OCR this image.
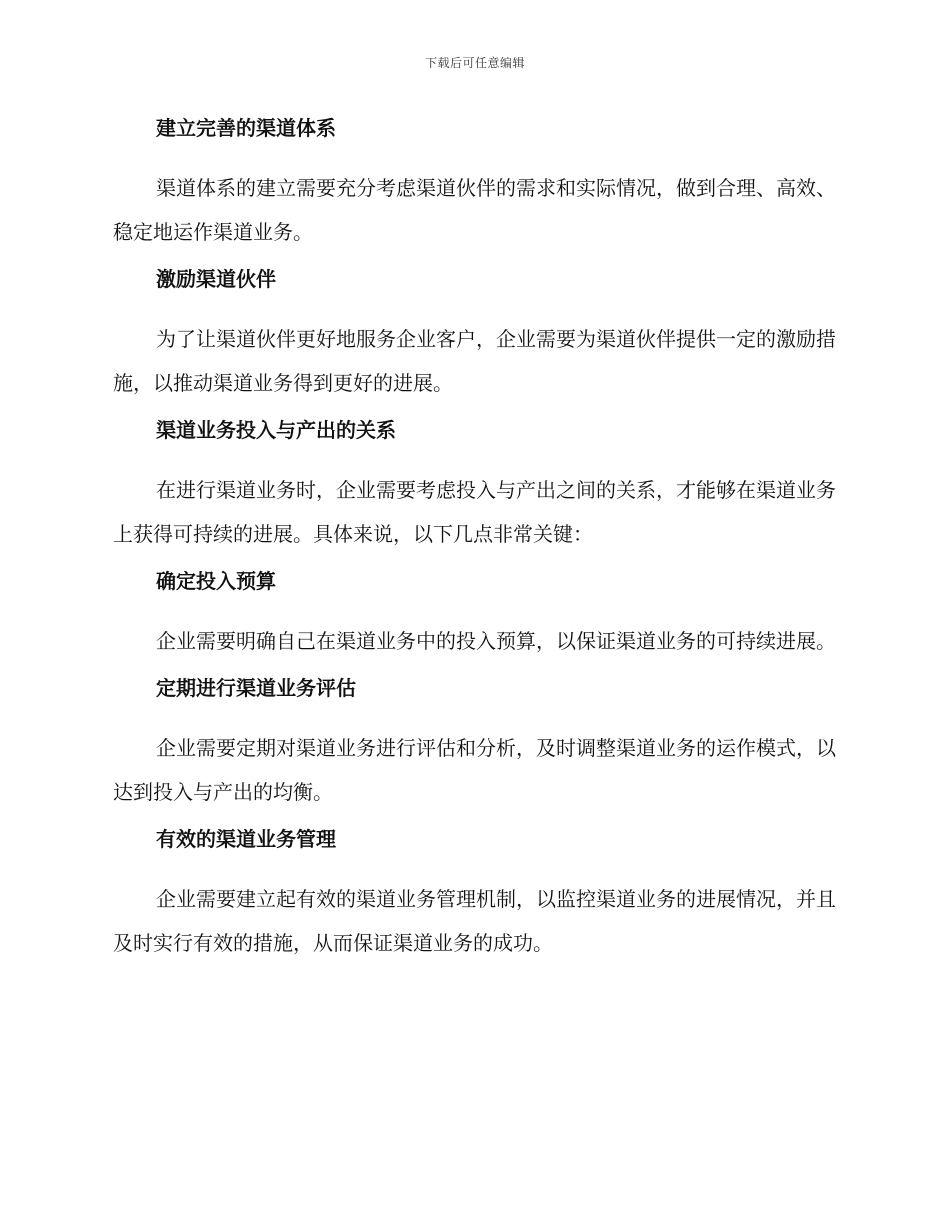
下载后可任意编辑
建立完善的渠道体系

渠道体系的建立需要充分考虑渠道伙伴的需求和实际情况，做到合理、高效、稳定地运作渠道业务。

激励渠道伙伴

为了让渠道伙伴更好地服务企业客户，企业需要为渠道伙伴提供一定的激励措施，以推动渠道业务得到更好的进展。

渠道业务投入与产出的关系

在进行渠道业务时，企业需要考虑投入与产出之间的关系，才能够在渠道业务上获得可持续的进展。具体来说，以下几点非常关键：

确定投入预算

企业需要明确自己在渠道业务中的投入预算，以保证渠道业务的可持续进展。

定期进行渠道业务评估

企业需要定期对渠道业务进行评估和分析，及时调整渠道业务的运作模式，以达到投入与产出的均衡。

有效的渠道业务管理

企业需要建立起有效的渠道业务管理机制，以监控渠道业务的进展情况，并且及时实行有效的措施，从而保证渠道业务的成功。
